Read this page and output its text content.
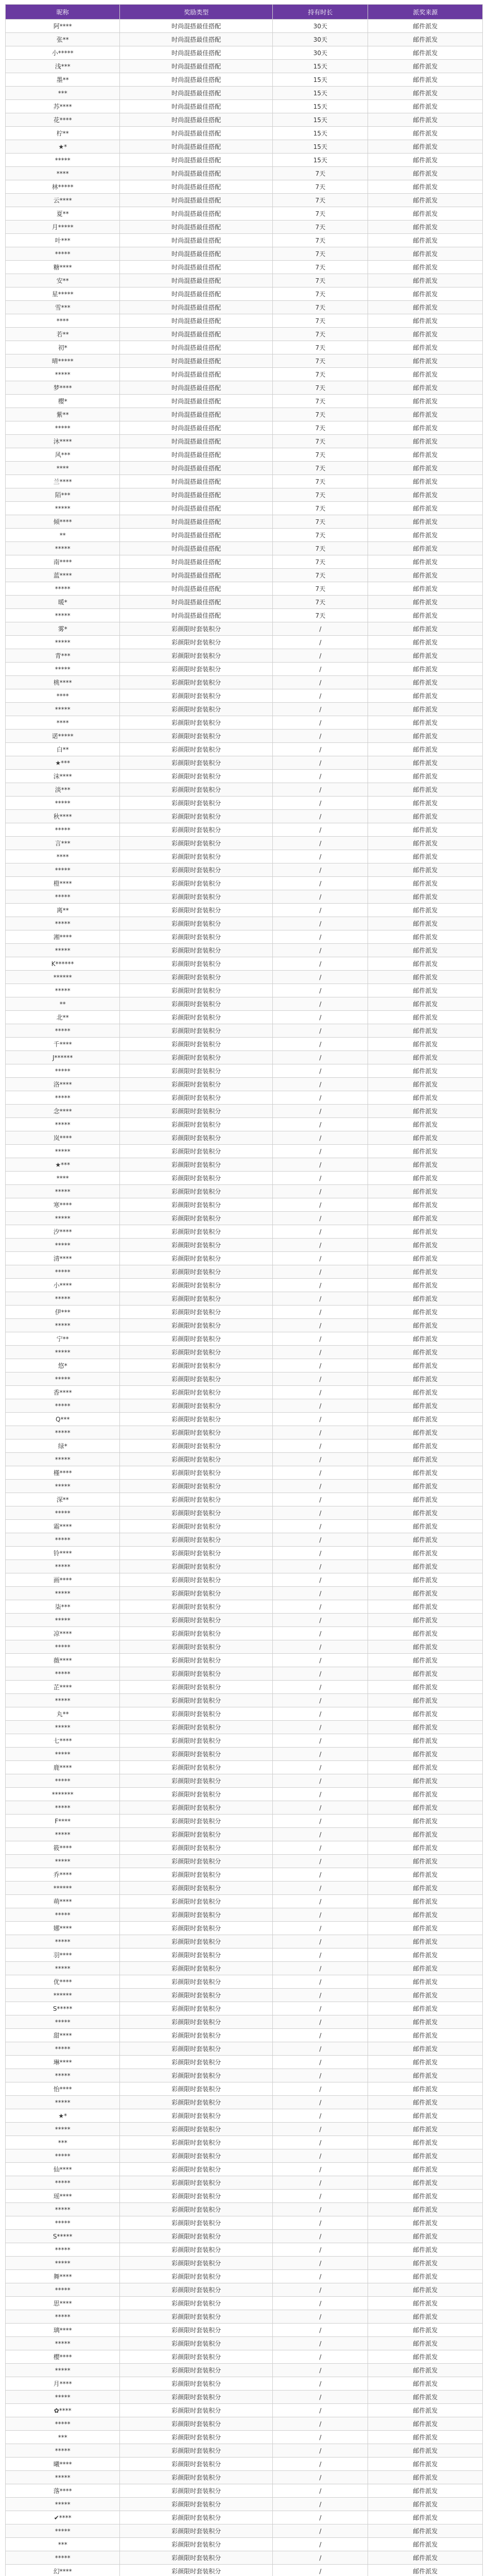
昵称	奖励类型	持有时长	派奖来源
阿****	时尚混搭最佳搭配	30天	邮件派发
张**	时尚混搭最佳搭配	30天	邮件派发
小*****	时尚混搭最佳搭配	30天	邮件派发
浅***	时尚混搭最佳搭配	15天	邮件派发
墨**	时尚混搭最佳搭配	15天	邮件派发
***	时尚混搭最佳搭配	15天	邮件派发
苏****	时尚混搭最佳搭配	15天	邮件派发
花****	时尚混搭最佳搭配	15天	邮件派发
柠**	时尚混搭最佳搭配	15天	邮件派发
★*	时尚混搭最佳搭配	15天	邮件派发
*****	时尚混搭最佳搭配	15天	邮件派发
****	时尚混搭最佳搭配	7天	邮件派发
林*****	时尚混搭最佳搭配	7天	邮件派发
云****	时尚混搭最佳搭配	7天	邮件派发
夏**	时尚混搭最佳搭配	7天	邮件派发
月*****	时尚混搭最佳搭配	7天	邮件派发
叶***	时尚混搭最佳搭配	7天	邮件派发
*****	时尚混搭最佳搭配	7天	邮件派发
糖****	时尚混搭最佳搭配	7天	邮件派发
安**	时尚混搭最佳搭配	7天	邮件派发
星*****	时尚混搭最佳搭配	7天	邮件派发
雪***	时尚混搭最佳搭配	7天	邮件派发
****	时尚混搭最佳搭配	7天	邮件派发
若**	时尚混搭最佳搭配	7天	邮件派发
初*	时尚混搭最佳搭配	7天	邮件派发
晴*****	时尚混搭最佳搭配	7天	邮件派发
*****	时尚混搭最佳搭配	7天	邮件派发
梦****	时尚混搭最佳搭配	7天	邮件派发
樱*	时尚混搭最佳搭配	7天	邮件派发
紫**	时尚混搭最佳搭配	7天	邮件派发
*****	时尚混搭最佳搭配	7天	邮件派发
沐****	时尚混搭最佳搭配	7天	邮件派发
风***	时尚混搭最佳搭配	7天	邮件派发
****	时尚混搭最佳搭配	7天	邮件派发
兰****	时尚混搭最佳搭配	7天	邮件派发
陌***	时尚混搭最佳搭配	7天	邮件派发
*****	时尚混搭最佳搭配	7天	邮件派发
倾****	时尚混搭最佳搭配	7天	邮件派发
**	时尚混搭最佳搭配	7天	邮件派发
*****	时尚混搭最佳搭配	7天	邮件派发
南****	时尚混搭最佳搭配	7天	邮件派发
蓝****	时尚混搭最佳搭配	7天	邮件派发
*****	时尚混搭最佳搭配	7天	邮件派发
暖*	时尚混搭最佳搭配	7天	邮件派发
*****	时尚混搭最佳搭配	7天	邮件派发
雾*	彩颜限时套装积分	/	邮件派发
*****	彩颜限时套装积分	/	邮件派发
青***	彩颜限时套装积分	/	邮件派发
*****	彩颜限时套装积分	/	邮件派发
桃****	彩颜限时套装积分	/	邮件派发
****	彩颜限时套装积分	/	邮件派发
*****	彩颜限时套装积分	/	邮件派发
****	彩颜限时套装积分	/	邮件派发
诺*****	彩颜限时套装积分	/	邮件派发
白**	彩颜限时套装积分	/	邮件派发
★***	彩颜限时套装积分	/	邮件派发
沫****	彩颜限时套装积分	/	邮件派发
淡***	彩颜限时套装积分	/	邮件派发
*****	彩颜限时套装积分	/	邮件派发
秋****	彩颜限时套装积分	/	邮件派发
*****	彩颜限时套装积分	/	邮件派发
言***	彩颜限时套装积分	/	邮件派发
****	彩颜限时套装积分	/	邮件派发
*****	彩颜限时套装积分	/	邮件派发
橙****	彩颜限时套装积分	/	邮件派发
*****	彩颜限时套装积分	/	邮件派发
离**	彩颜限时套装积分	/	邮件派发
*****	彩颜限时套装积分	/	邮件派发
湘****	彩颜限时套装积分	/	邮件派发
*****	彩颜限时套装积分	/	邮件派发
K******	彩颜限时套装积分	/	邮件派发
******	彩颜限时套装积分	/	邮件派发
*****	彩颜限时套装积分	/	邮件派发
**	彩颜限时套装积分	/	邮件派发
北**	彩颜限时套装积分	/	邮件派发
*****	彩颜限时套装积分	/	邮件派发
千****	彩颜限时套装积分	/	邮件派发
J******	彩颜限时套装积分	/	邮件派发
*****	彩颜限时套装积分	/	邮件派发
洛****	彩颜限时套装积分	/	邮件派发
*****	彩颜限时套装积分	/	邮件派发
念****	彩颜限时套装积分	/	邮件派发
*****	彩颜限时套装积分	/	邮件派发
岚****	彩颜限时套装积分	/	邮件派发
*****	彩颜限时套装积分	/	邮件派发
★***	彩颜限时套装积分	/	邮件派发
****	彩颜限时套装积分	/	邮件派发
*****	彩颜限时套装积分	/	邮件派发
寒****	彩颜限时套装积分	/	邮件派发
*****	彩颜限时套装积分	/	邮件派发
汐****	彩颜限时套装积分	/	邮件派发
*****	彩颜限时套装积分	/	邮件派发
清****	彩颜限时套装积分	/	邮件派发
*****	彩颜限时套装积分	/	邮件派发
小****	彩颜限时套装积分	/	邮件派发
*****	彩颜限时套装积分	/	邮件派发
伊***	彩颜限时套装积分	/	邮件派发
*****	彩颜限时套装积分	/	邮件派发
宁**	彩颜限时套装积分	/	邮件派发
*****	彩颜限时套装积分	/	邮件派发
悠*	彩颜限时套装积分	/	邮件派发
*****	彩颜限时套装积分	/	邮件派发
香****	彩颜限时套装积分	/	邮件派发
*****	彩颜限时套装积分	/	邮件派发
Q***	彩颜限时套装积分	/	邮件派发
*****	彩颜限时套装积分	/	邮件派发
绿*	彩颜限时套装积分	/	邮件派发
*****	彩颜限时套装积分	/	邮件派发
槿****	彩颜限时套装积分	/	邮件派发
*****	彩颜限时套装积分	/	邮件派发
深**	彩颜限时套装积分	/	邮件派发
*****	彩颜限时套装积分	/	邮件派发
霜****	彩颜限时套装积分	/	邮件派发
*****	彩颜限时套装积分	/	邮件派发
铃****	彩颜限时套装积分	/	邮件派发
*****	彩颜限时套装积分	/	邮件派发
画****	彩颜限时套装积分	/	邮件派发
*****	彩颜限时套装积分	/	邮件派发
柒***	彩颜限时套装积分	/	邮件派发
*****	彩颜限时套装积分	/	邮件派发
凉****	彩颜限时套装积分	/	邮件派发
*****	彩颜限时套装积分	/	邮件派发
薇****	彩颜限时套装积分	/	邮件派发
*****	彩颜限时套装积分	/	邮件派发
芷****	彩颜限时套装积分	/	邮件派发
*****	彩颜限时套装积分	/	邮件派发
丸**	彩颜限时套装积分	/	邮件派发
*****	彩颜限时套装积分	/	邮件派发
七****	彩颜限时套装积分	/	邮件派发
*****	彩颜限时套装积分	/	邮件派发
鹿****	彩颜限时套装积分	/	邮件派发
*****	彩颜限时套装积分	/	邮件派发
*******	彩颜限时套装积分	/	邮件派发
*****	彩颜限时套装积分	/	邮件派发
F****	彩颜限时套装积分	/	邮件派发
*****	彩颜限时套装积分	/	邮件派发
筱****	彩颜限时套装积分	/	邮件派发
*****	彩颜限时套装积分	/	邮件派发
乔****	彩颜限时套装积分	/	邮件派发
******	彩颜限时套装积分	/	邮件派发
萌****	彩颜限时套装积分	/	邮件派发
*****	彩颜限时套装积分	/	邮件派发
娜****	彩颜限时套装积分	/	邮件派发
*****	彩颜限时套装积分	/	邮件派发
羽****	彩颜限时套装积分	/	邮件派发
*****	彩颜限时套装积分	/	邮件派发
优****	彩颜限时套装积分	/	邮件派发
******	彩颜限时套装积分	/	邮件派发
S*****	彩颜限时套装积分	/	邮件派发
*****	彩颜限时套装积分	/	邮件派发
甜****	彩颜限时套装积分	/	邮件派发
*****	彩颜限时套装积分	/	邮件派发
琳****	彩颜限时套装积分	/	邮件派发
*****	彩颜限时套装积分	/	邮件派发
怡****	彩颜限时套装积分	/	邮件派发
*****	彩颜限时套装积分	/	邮件派发
★*	彩颜限时套装积分	/	邮件派发
*****	彩颜限时套装积分	/	邮件派发
***	彩颜限时套装积分	/	邮件派发
*****	彩颜限时套装积分	/	邮件派发
仙****	彩颜限时套装积分	/	邮件派发
*****	彩颜限时套装积分	/	邮件派发
瑶****	彩颜限时套装积分	/	邮件派发
*****	彩颜限时套装积分	/	邮件派发
*****	彩颜限时套装积分	/	邮件派发
S*****	彩颜限时套装积分	/	邮件派发
*****	彩颜限时套装积分	/	邮件派发
*****	彩颜限时套装积分	/	邮件派发
舞****	彩颜限时套装积分	/	邮件派发
*****	彩颜限时套装积分	/	邮件派发
思****	彩颜限时套装积分	/	邮件派发
*****	彩颜限时套装积分	/	邮件派发
璃****	彩颜限时套装积分	/	邮件派发
*****	彩颜限时套装积分	/	邮件派发
樱****	彩颜限时套装积分	/	邮件派发
*****	彩颜限时套装积分	/	邮件派发
月****	彩颜限时套装积分	/	邮件派发
*****	彩颜限时套装积分	/	邮件派发
✿****	彩颜限时套装积分	/	邮件派发
*****	彩颜限时套装积分	/	邮件派发
***	彩颜限时套装积分	/	邮件派发
*****	彩颜限时套装积分	/	邮件派发
曦****	彩颜限时套装积分	/	邮件派发
*****	彩颜限时套装积分	/	邮件派发
落****	彩颜限时套装积分	/	邮件派发
*****	彩颜限时套装积分	/	邮件派发
✔****	彩颜限时套装积分	/	邮件派发
*****	彩颜限时套装积分	/	邮件派发
***	彩颜限时套装积分	/	邮件派发
*****	彩颜限时套装积分	/	邮件派发
幻****	彩颜限时套装积分	/	邮件派发
